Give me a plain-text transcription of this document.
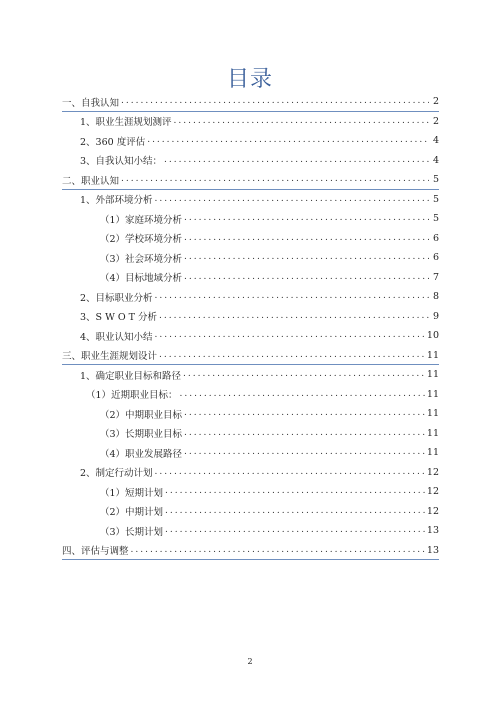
目录
一、自我认知 .....	2
1、职业生涯规划测评 .....	2
2、360 度评估 .....	4
3、自我认知小结： .....	4
二、职业认知 .....	5
1、外部环境分析 .....	5
（1）家庭环境分析 .....	5
（2）学校环境分析 .....	6
（3）社会环境分析 .....	6
（4）目标地域分析 .....	7
2、目标职业分析 .....	8
3、S W O T 分析 .....	9
4、职业认知小结 .....	10
三、职业生涯规划设计 .....	11
1、确定职业目标和路径 .....	11
（1）近期职业目标： .....	11
（2）中期职业目标 .....	11
（3）长期职业目标 .....	11
（4）职业发展路径 .....	11
2、制定行动计划 .....	12
（1）短期计划 .....	12
（2）中期计划 .....	12
（3）长期计划 .....	13
四、评估与调整 .....	13
2
